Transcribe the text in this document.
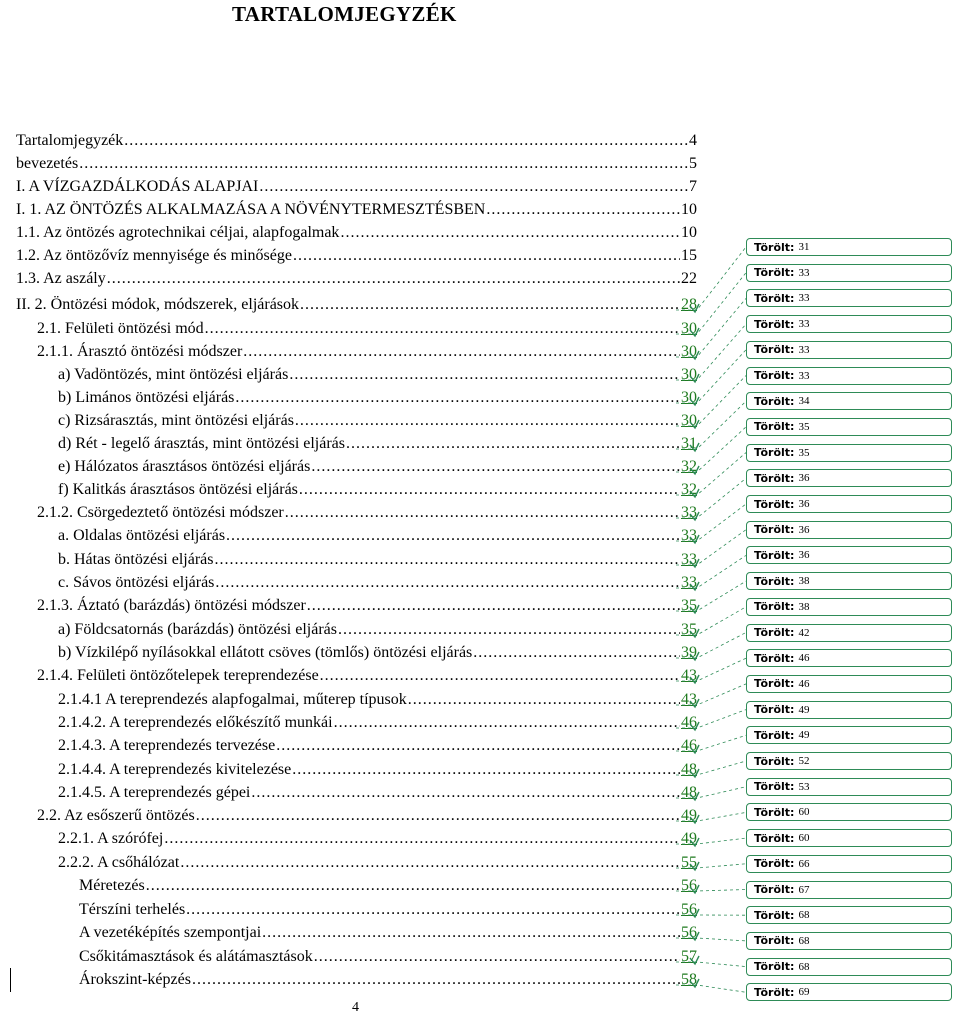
TARTALOMJEGYZÉK
Tartalomjegyzék .....	4
bevezetés .....	5
I. A VÍZGAZDÁLKODÁS ALAPJAI .....	7
I. 1. AZ ÖNTÖZÉS ALKALMAZÁSA A NÖVÉNYTERMESZTÉSBEN .....	10
1.1. Az öntözés agrotechnikai céljai, alapfogalmak .....	10
1.2. Az öntözővíz mennyisége és minősége .....	15
1.3. Az aszály .....	22
II. 2. Öntözési módok, módszerek, eljárások .....	28
2.1. Felületi öntözési mód .....	30
2.1.1. Árasztó öntözési módszer .....	30
a) Vadöntözés, mint öntözési eljárás .....	30
b) Limános öntözési eljárás .....	30
c) Rizsárasztás, mint öntözési eljárás .....	30
d) Rét - legelő árasztás, mint öntözési eljárás .....	31
e) Hálózatos árasztásos öntözési eljárás .....	32
f) Kalitkás árasztásos öntözési eljárás .....	32
2.1.2. Csörgedeztető öntözési módszer .....	33
a. Oldalas öntözési eljárás .....	33
b. Hátas öntözési eljárás .....	33
c. Sávos öntözési eljárás .....	33
2.1.3. Áztató (barázdás) öntözési módszer .....	35
a) Földcsatornás (barázdás) öntözési eljárás .....	35
b) Vízkilépő nyílásokkal ellátott csöves (tömlős) öntözési eljárás .....	39
2.1.4. Felületi öntözőtelepek tereprendezése .....	43
2.1.4.1 A tereprendezés alapfogalmai, műterep típusok .....	43
2.1.4.2. A tereprendezés előkészítő munkái .....	46
2.1.4.3. A tereprendezés tervezése .....	46
2.1.4.4. A tereprendezés kivitelezése .....	48
2.1.4.5. A tereprendezés gépei .....	48
2.2. Az esőszerű öntözés .....	49
2.2.1. A szórófej .....	49
2.2.2. A csőhálózat .....	55
Méretezés .....	56
Térszíni terhelés .....	56
A vezetéképítés szempontjai .....	56
Csőkitámasztások és alátámasztások .....	57
Árokszint-képzés .....	58
4
Törölt: 31
Törölt: 33
Törölt: 33
Törölt: 33
Törölt: 33
Törölt: 33
Törölt: 34
Törölt: 35
Törölt: 35
Törölt: 36
Törölt: 36
Törölt: 36
Törölt: 36
Törölt: 38
Törölt: 38
Törölt: 42
Törölt: 46
Törölt: 46
Törölt: 49
Törölt: 49
Törölt: 52
Törölt: 53
Törölt: 60
Törölt: 60
Törölt: 66
Törölt: 67
Törölt: 68
Törölt: 68
Törölt: 68
Törölt: 69
